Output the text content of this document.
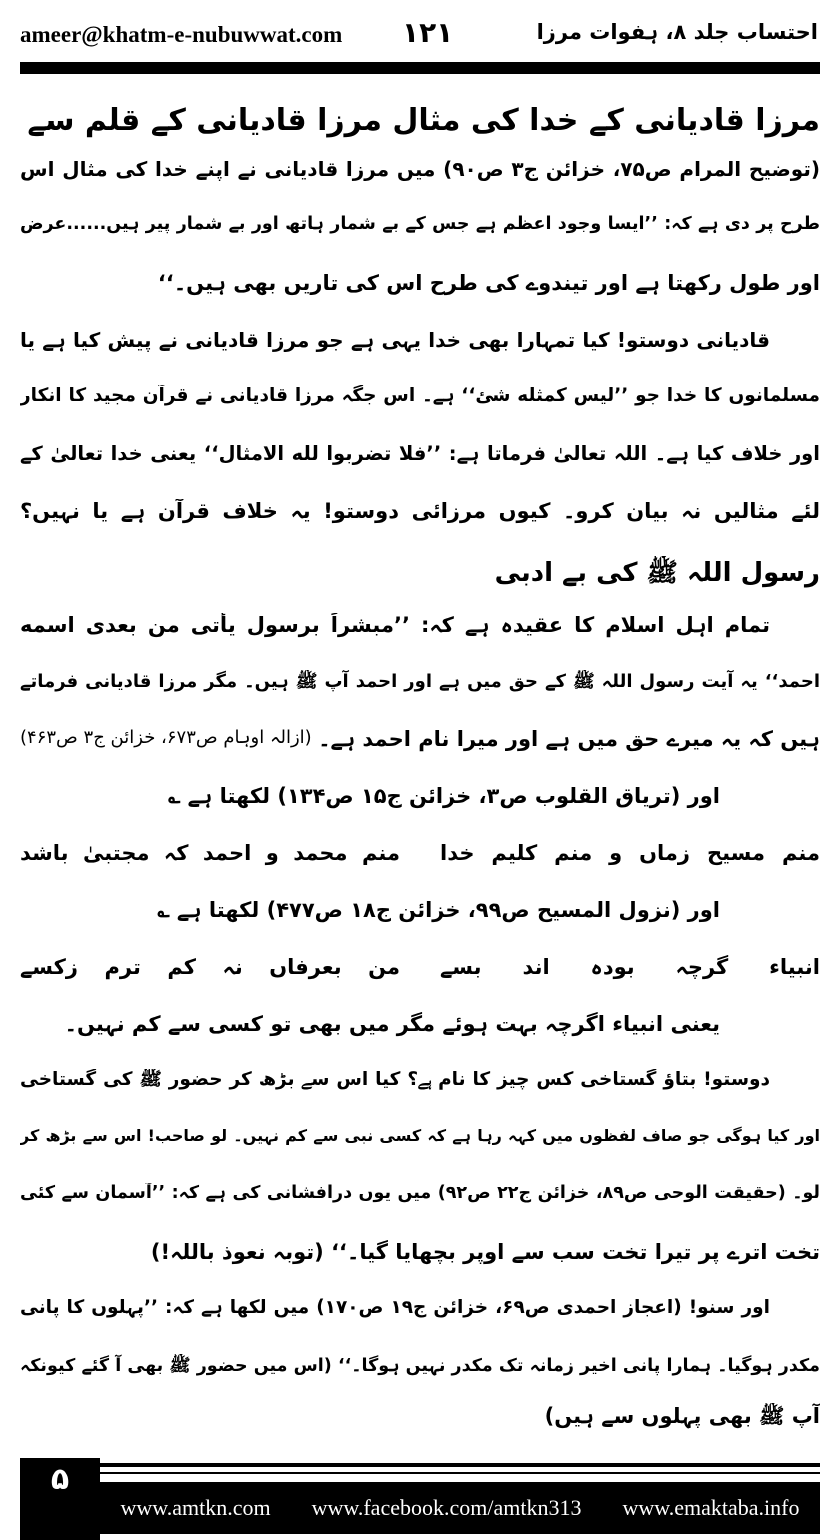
ameer@khatm-e-nubuwwat.com ۱۲۱	احتساب جلد ۸، ہفوات مرزا
مرزا قادیانی کے خدا کی مثال مرزا قادیانی کے قلم سے
(توضیح المرام ص۷۵، خزائن ج۳ ص۹۰) میں مرزا قادیانی نے اپنے خدا کی مثال اس
طرح پر دی ہے کہ: ’’ایسا وجود اعظم ہے جس کے بے شمار ہاتھ اور بے شمار پیر ہیں......عرض
اور طول رکھتا ہے اور تیندوے کی طرح اس کی تاریں بھی ہیں۔‘‘
قادیانی دوستو! کیا تمہارا بھی خدا یہی ہے جو مرزا قادیانی نے پیش کیا ہے یا
مسلمانوں کا خدا جو ’’لیس کمثله شئ‘‘ ہے۔ اس جگہ مرزا قادیانی نے قرآن مجید کا انکار
اور خلاف کیا ہے۔ اللہ تعالیٰ فرماتا ہے: ’’فلا تضربوا لله الامثال‘‘ یعنی خدا تعالیٰ کے
لئے مثالیں نہ بیان کرو۔ کیوں مرزائی دوستو! یہ خلاف قرآن ہے یا نہیں؟
رسول اللہ ﷺ کی بے ادبی
تمام اہل اسلام کا عقیدہ ہے کہ: ’’مبشراً برسول یأتی من بعدی اسمه
احمد‘‘ یہ آیت رسول اللہ ﷺ کے حق میں ہے اور احمد آپ ﷺ ہیں۔ مگر مرزا قادیانی فرماتے
ہیں کہ یہ میرے حق میں ہے اور میرا نام احمد ہے۔
(ازالہ اوہام ص۶۷۳، خزائن ج۳ ص۴۶۳)
اور (تریاق القلوب ص۳، خزائن ج۱۵ ص۱۳۴) لکھتا ہے ؎
منم
مسیح
زماں
و
منم
کلیم
خدا
منم
محمد
و
احمد
کہ
مجتبیٰ
باشد
اور (نزول المسیح ص۹۹، خزائن ج۱۸ ص۴۷۷) لکھتا ہے ؎
انبیاء
گرچہ
بودہ
اند
بسے
من
بعرفاں
نہ
کم
ترم
زکسے
یعنی انبیاء اگرچہ بہت ہوئے مگر میں بھی تو کسی سے کم نہیں۔
دوستو! بتاؤ گستاخی کس چیز کا نام ہے؟ کیا اس سے بڑھ کر حضور ﷺ کی گستاخی
اور کیا ہوگی جو صاف لفظوں میں کہہ رہا ہے کہ کسی نبی سے کم نہیں۔ لو صاحب! اس سے بڑھ کر
لو۔ (حقیقت الوحی ص۸۹، خزائن ج۲۲ ص۹۲) میں یوں درافشانی کی ہے کہ: ’’آسمان سے کئی
تخت اترے پر تیرا تخت سب سے اوپر بچھایا گیا۔‘‘ (توبہ نعوذ باللہ!)
اور سنو! (اعجاز احمدی ص۶۹، خزائن ج۱۹ ص۱۷۰) میں لکھا ہے کہ: ’’پہلوں کا پانی
مکدر ہوگیا۔ ہمارا پانی اخیر زمانہ تک مکدر نہیں ہوگا۔‘‘ (اس میں حضور ﷺ بھی آ گئے کیونکہ
آپ ﷺ بھی پہلوں سے ہیں)
۵
www.amtkn.com www.facebook.com/amtkn313 www.emaktaba.info
